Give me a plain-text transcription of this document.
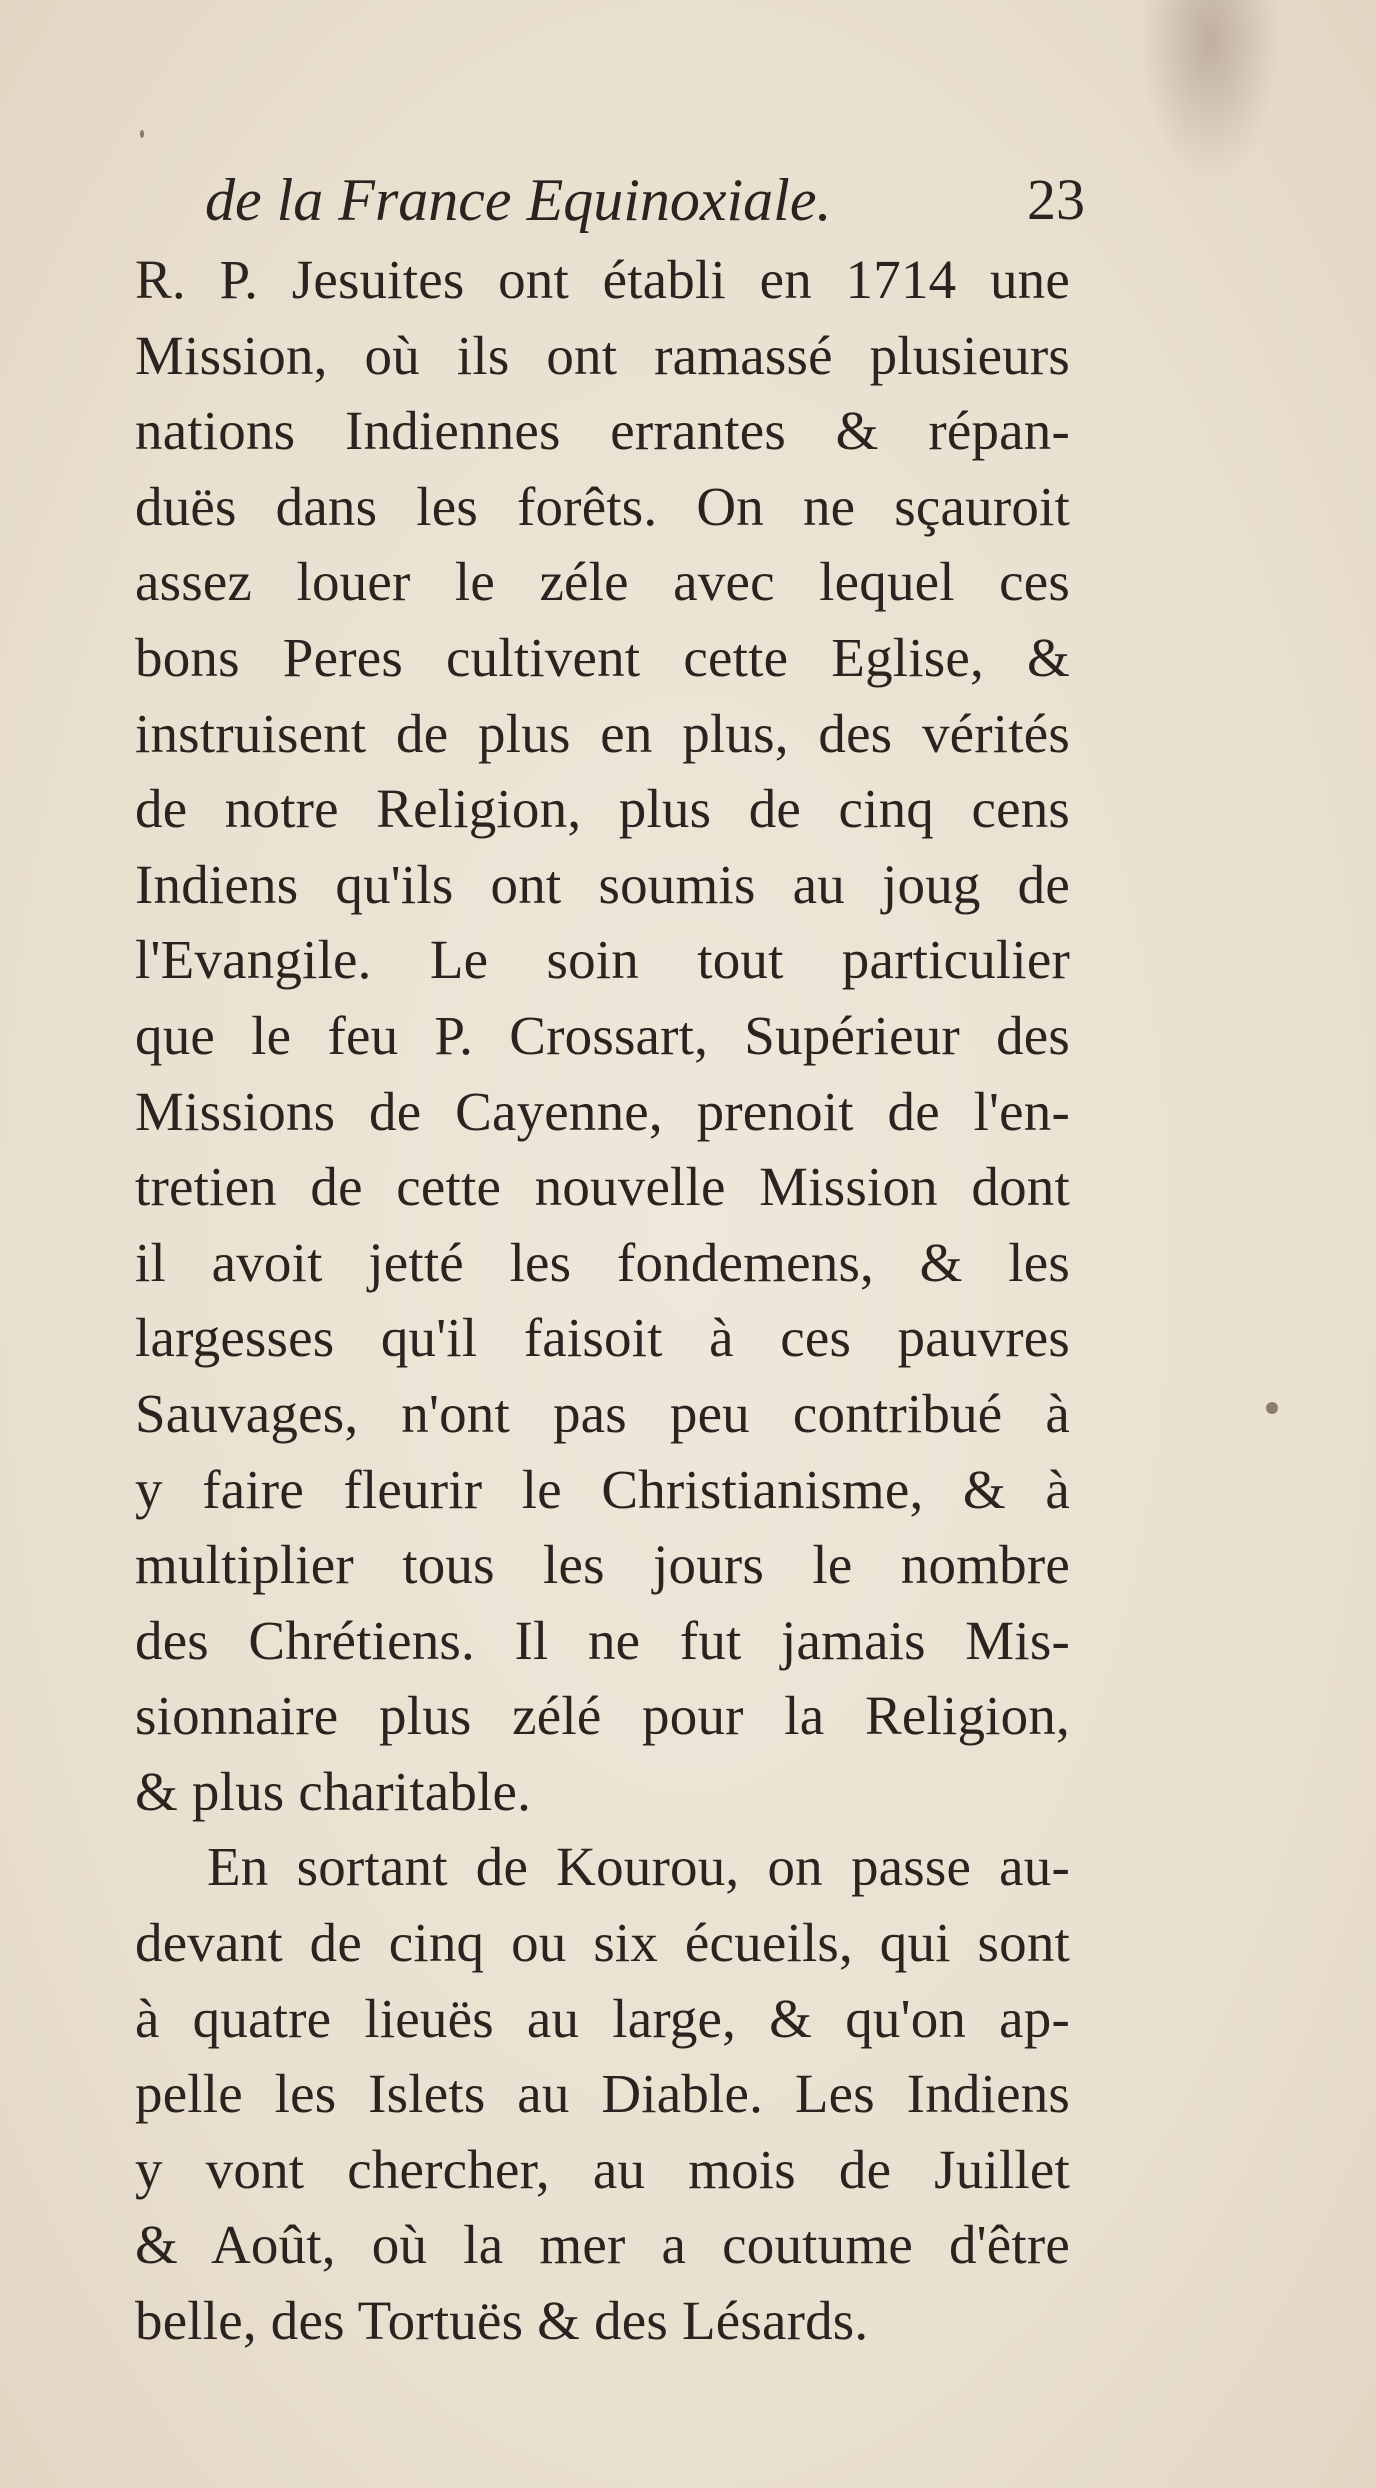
de la France Equinoxiale.	23
R. P. Jesuites ont établi en 1714 une
Mission, où ils ont ramassé plusieurs
nations Indiennes errantes & répan-
duës dans les forêts. On ne sçauroit
assez louer le zéle avec lequel ces
bons Peres cultivent cette Eglise, &
instruisent de plus en plus, des vérités
de notre Religion, plus de cinq cens
Indiens qu'ils ont soumis au joug de
l'Evangile. Le soin tout particulier
que le feu P. Crossart, Supérieur des
Missions de Cayenne, prenoit de l'en-
tretien de cette nouvelle Mission dont
il avoit jetté les fondemens, & les
largesses qu'il faisoit à ces pauvres
Sauvages, n'ont pas peu contribué à
y faire fleurir le Christianisme, & à
multiplier tous les jours le nombre
des Chrétiens. Il ne fut jamais Mis-
sionnaire plus zélé pour la Religion,
& plus charitable.
En sortant de Kourou, on passe au-
devant de cinq ou six écueils, qui sont
à quatre lieuës au large, & qu'on ap-
pelle les Islets au Diable. Les Indiens
y vont chercher, au mois de Juillet
& Août, où la mer a coutume d'être
belle, des Tortuës & des Lésards.
